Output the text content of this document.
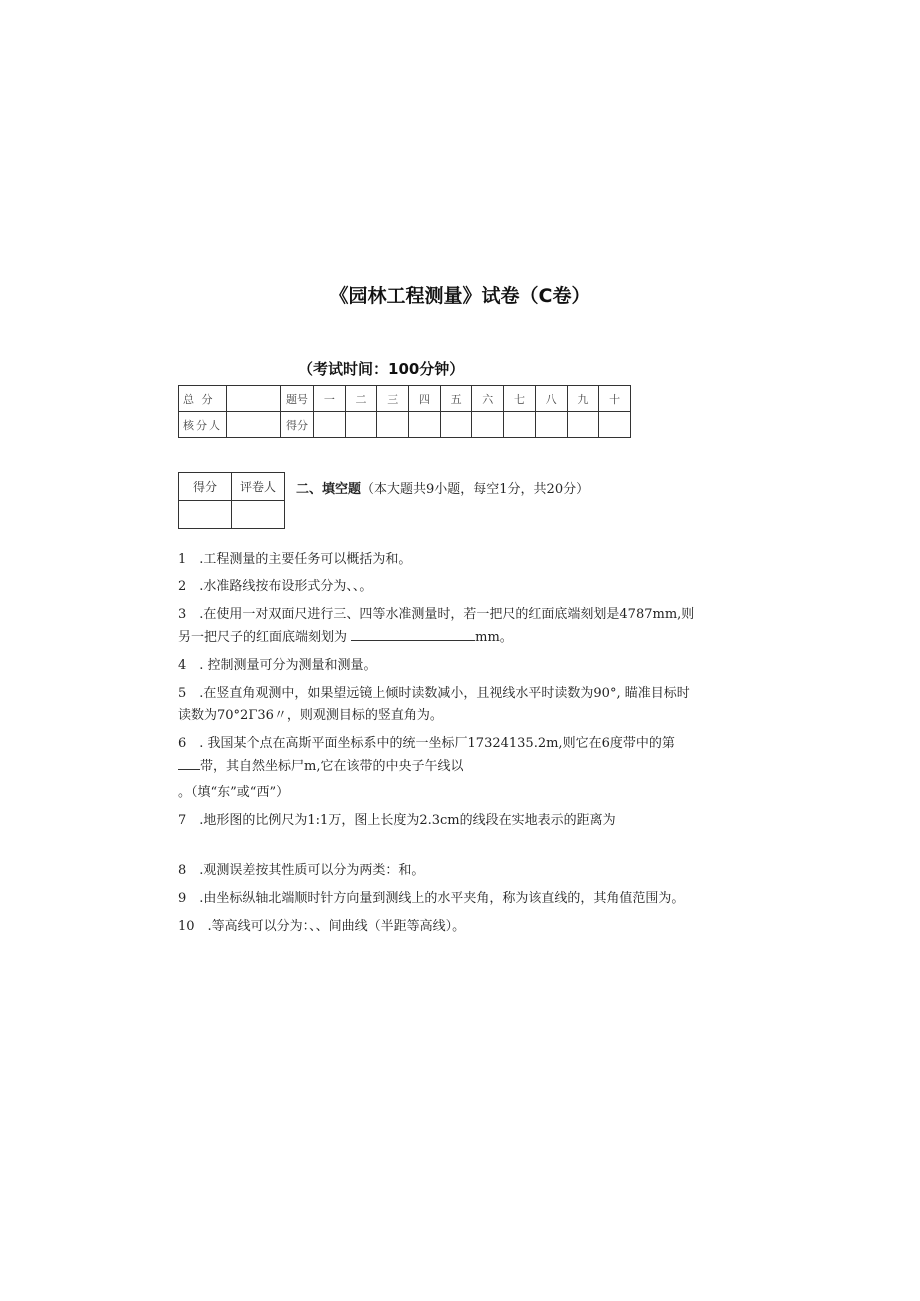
《园林工程测量》试卷（C卷）
（考试时间：100分钟）
总 分		题号	一	二	三	四	五	六	七	八	九	十
核分人		得分										
得分	评卷人
	二、填空题（本大题共9小题，每空1分，共20分）
1　.工程测量的主要任务可以概括为和。
2　.水准路线按布设形式分为、、。
3　.在使用一对双面尺进行三、四等水准测量时，若一把尺的红面底端刻划是4787mm,则
另一把尺子的红面底端刻划为	mm。
4　. 控制测量可分为测量和测量。
5　.在竖直角观测中，如果望远镜上倾时读数减小，且视线水平时读数为90°, 瞄准目标时
读数为70°2Γ36〃，则观测目标的竖直角为。
6　. 我国某个点在高斯平面坐标系中的统一坐标厂17324135.2m,则它在6度带中的第
带，其自然坐标尸m,它在该带的中央子午线以
。（填“东”或“西”）
7　.地形图的比例尺为1:1万，图上长度为2.3cm的线段在实地表示的距离为
8　.观测误差按其性质可以分为两类：和。
9　.由坐标纵轴北端顺时针方向量到测线上的水平夹角，称为该直线的，其角值范围为。
10　.等高线可以分为：、、间曲线（半距等高线）。
